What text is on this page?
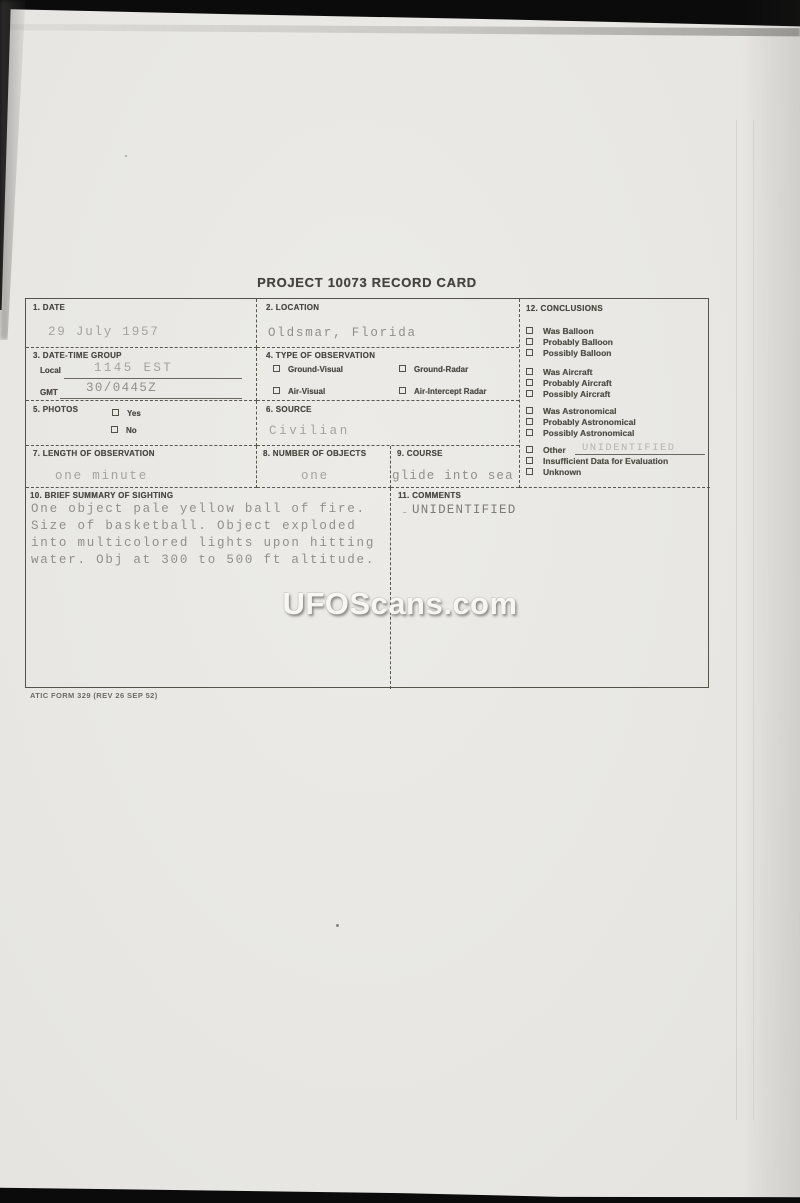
PROJECT 10073 RECORD CARD
1. DATE
29 July 1957
2. LOCATION
Oldsmar, Florida
3. DATE-TIME GROUP
Local	1145 EST
GMT 30/0445Z
4. TYPE OF OBSERVATION
Ground-Visual	Ground-Radar
Air-Visual	Air-Intercept Radar
5. PHOTOS	Yes
No
6. SOURCE
Civilian
7. LENGTH OF OBSERVATION
one minute
8. NUMBER OF OBJECTS
one
9. COURSE
glide into sea
10. BRIEF SUMMARY OF SIGHTING
One object pale yellow ball of fire.
Size of basketball. Object exploded
into multicolored lights upon hitting
water. Obj at 300 to 500 ft altitude.
11. COMMENTS
- UNIDENTIFIED
12. CONCLUSIONS
Was Balloon
Probably Balloon
Possibly Balloon
Was Aircraft
Probably Aircraft
Possibly Aircraft
Was Astronomical
Probably Astronomical
Possibly Astronomical
Other
Insufficient Data for Evaluation
Unknown
UNIDENTIFIED
UFOScans.com
ATIC FORM 329 (REV 26 SEP 52)
